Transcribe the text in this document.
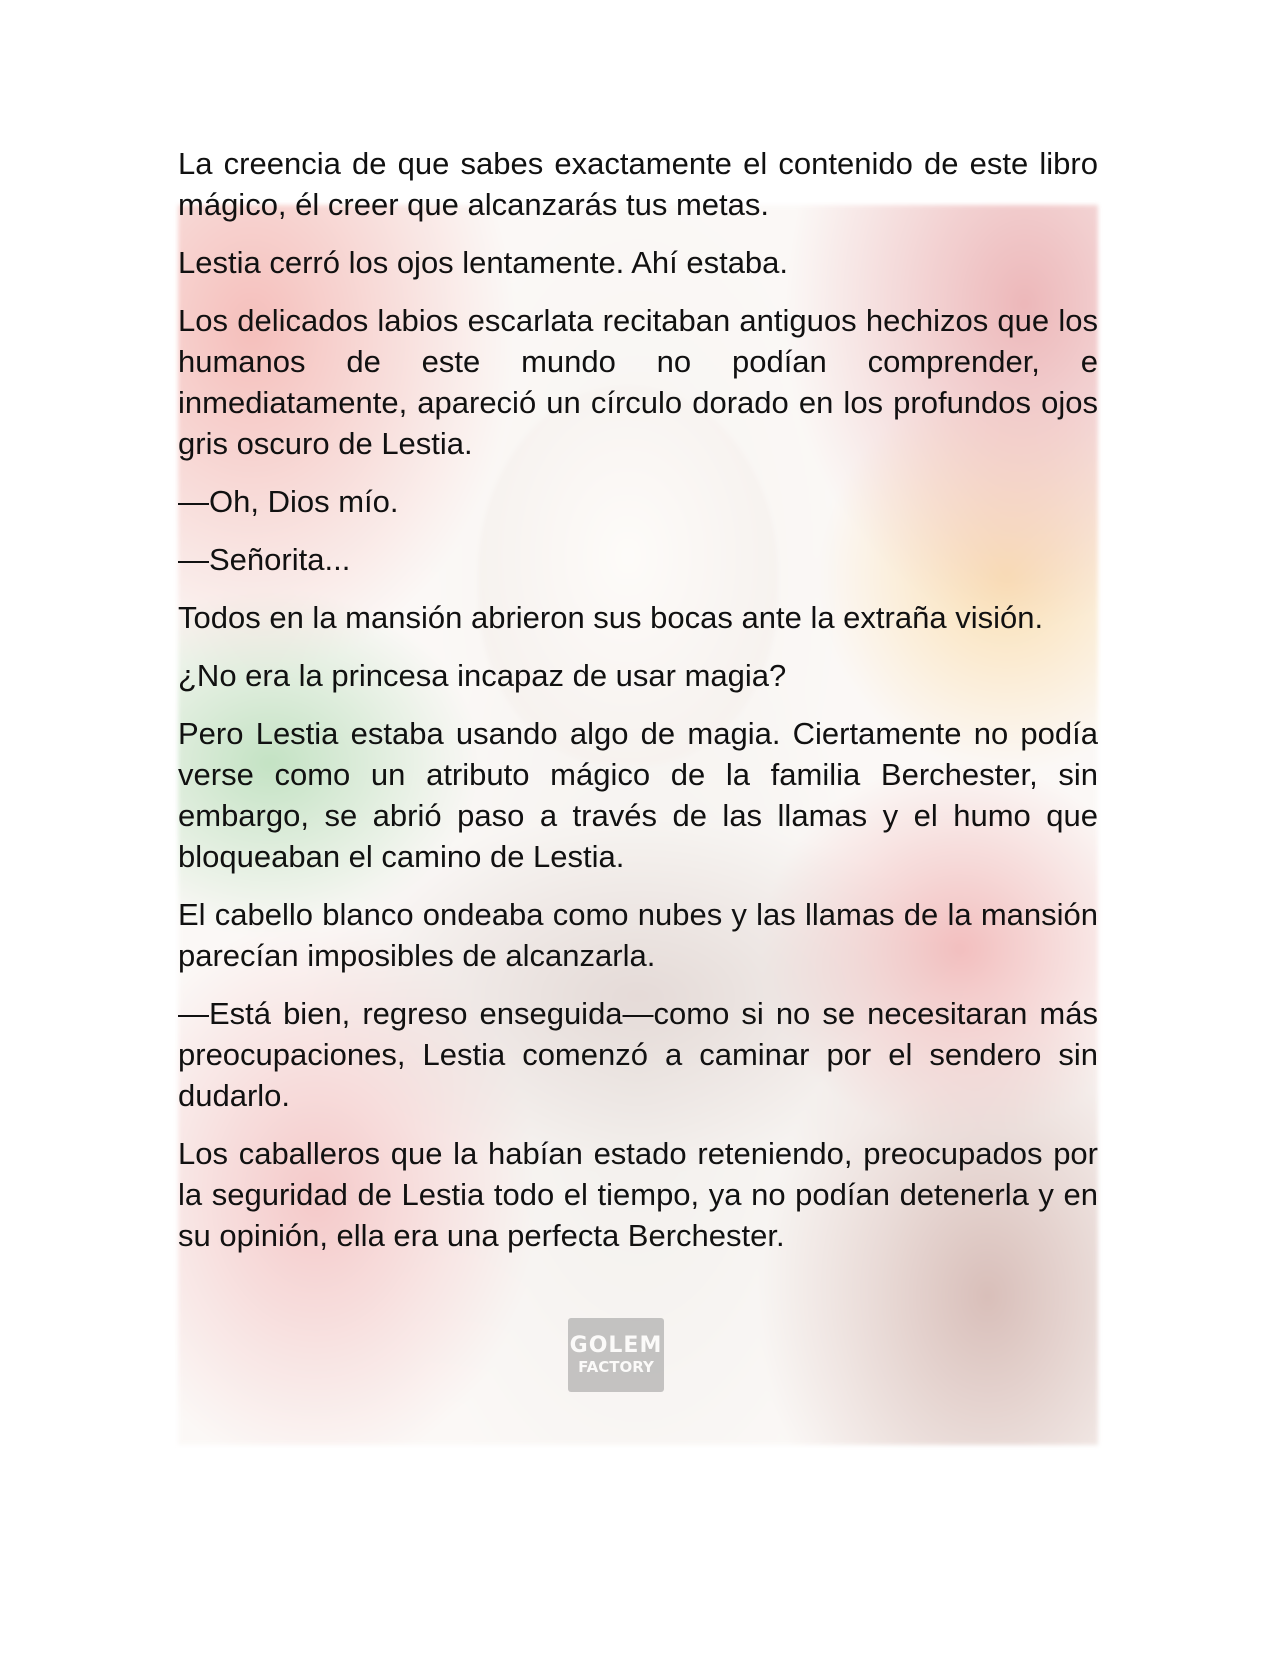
GOLEM
FACTORY

La creencia de que sabes exactamente el contenido de este libro mágico, él creer que alcanzarás tus metas.

Lestia cerró los ojos lentamente. Ahí estaba.

Los delicados labios escarlata recitaban antiguos hechizos que los humanos de este mundo no podían comprender, e inmediatamente, apareció un círculo dorado en los profundos ojos gris oscuro de Lestia.

—Oh, Dios mío.

—Señorita...

Todos en la mansión abrieron sus bocas ante la extraña visión.

¿No era la princesa incapaz de usar magia?

Pero Lestia estaba usando algo de magia. Ciertamente no podía verse como un atributo mágico de la familia Berchester, sin embargo, se abrió paso a través de las llamas y el humo que bloqueaban el camino de Lestia.

El cabello blanco ondeaba como nubes y las llamas de la mansión parecían imposibles de alcanzarla.

—Está bien, regreso enseguida—como si no se necesitaran más preocupaciones, Lestia comenzó a caminar por el sendero sin dudarlo.

Los caballeros que la habían estado reteniendo, preocupados por la seguridad de Lestia todo el tiempo, ya no podían detenerla y en su opinión, ella era una perfecta Berchester.
